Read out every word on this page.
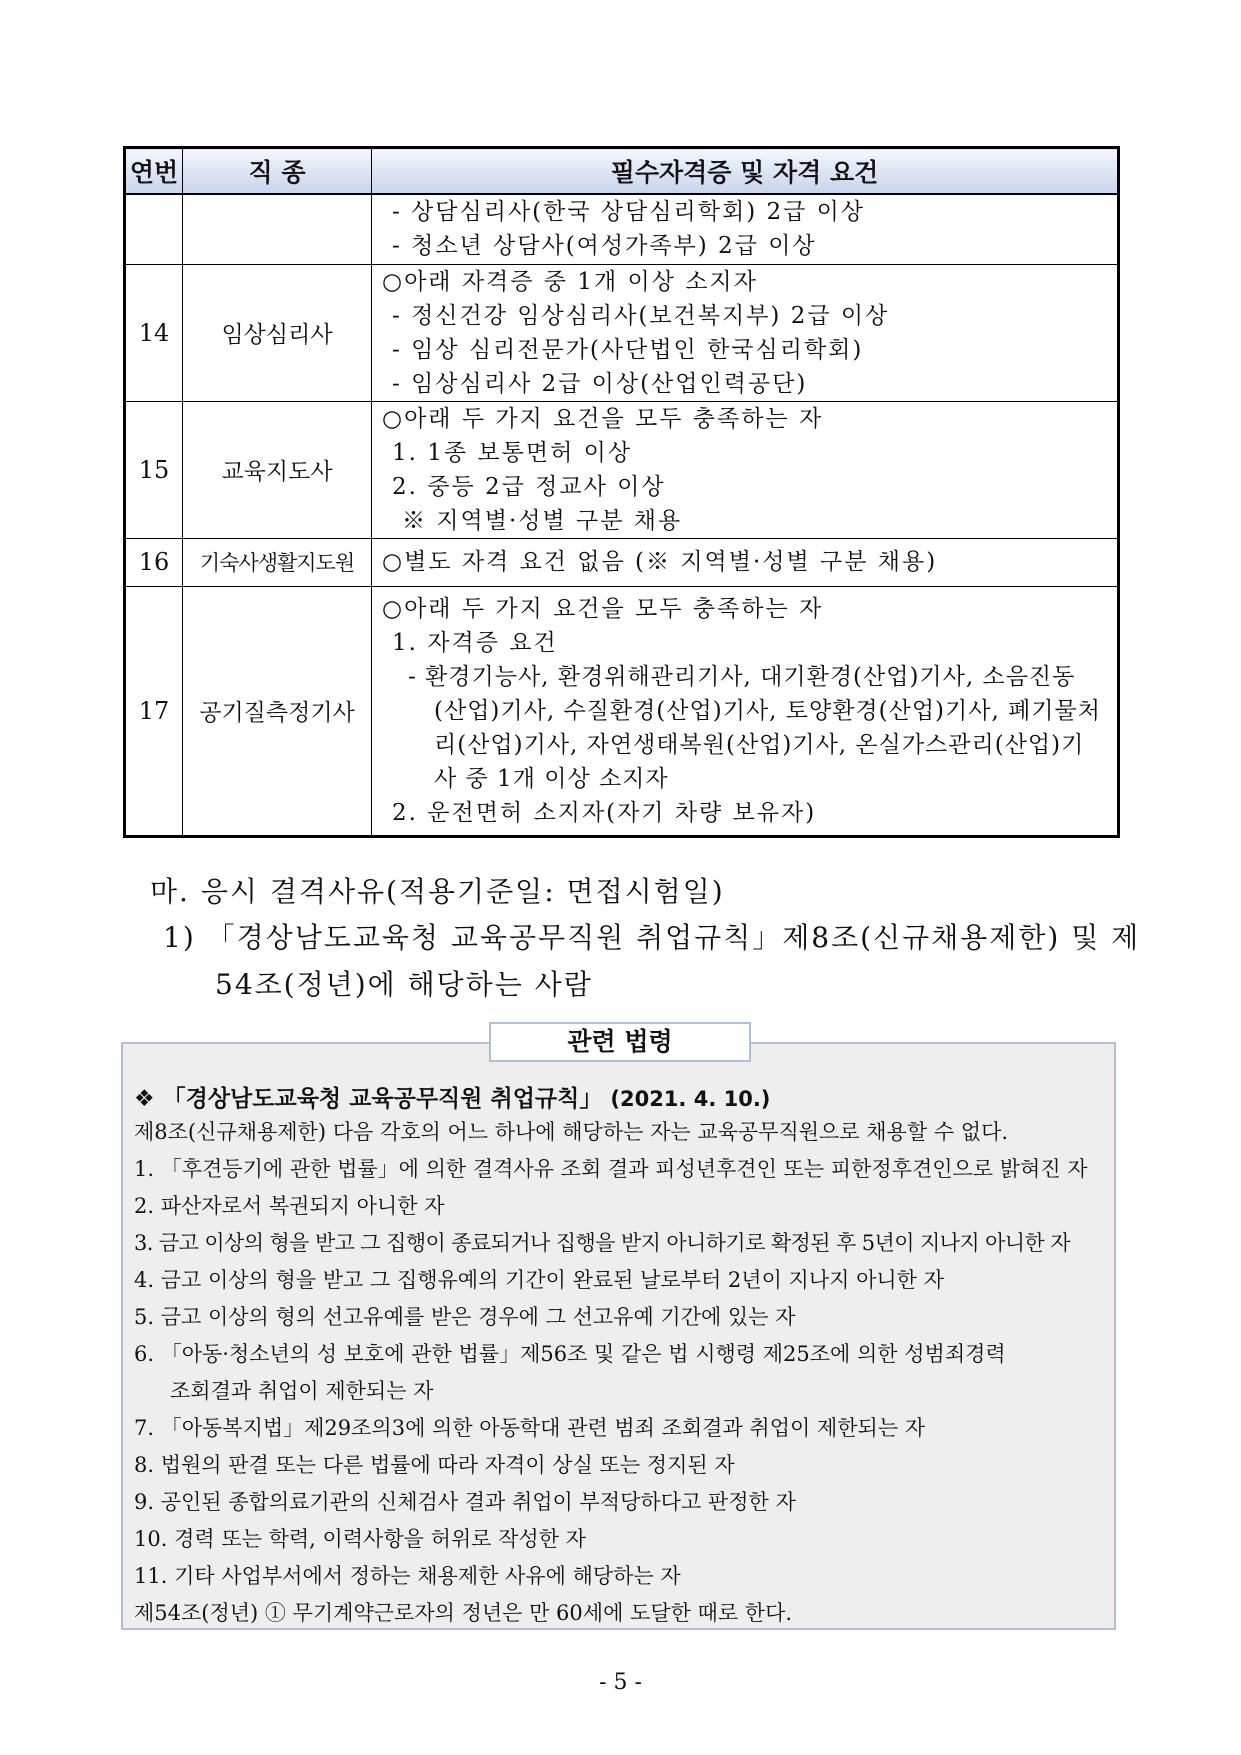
연번	직 종	필수자격증 및 자격 요건

		- 상담심리사(한국 상담심리학회) 2급 이상
- 청소년 상담사(여성가족부) 2급 이상

14	임상심리사	○아래 자격증 중 1개 이상 소지자
- 정신건강 임상심리사(보건복지부) 2급 이상
- 임상 심리전문가(사단법인 한국심리학회)
- 임상심리사 2급 이상(산업인력공단)

15	교육지도사	○아래 두 가지 요건을 모두 충족하는 자
1. 1종 보통면허 이상
2. 중등 2급 정교사 이상
※ 지역별·성별 구분 채용

16	기숙사생활지도원	○별도 자격 요건 없음 (※ 지역별·성별 구분 채용)

17	공기질측정기사	○아래 두 가지 요건을 모두 충족하는 자
1. 자격증 요건
- 환경기능사, 환경위해관리기사, 대기환경(산업)기사, 소음진동(산업)기사, 수질환경(산업)기사, 토양환경(산업)기사, 폐기물처리(산업)기사, 자연생태복원(산업)기사, 온실가스관리(산업)기사 중 1개 이상 소지자
2. 운전면허 소지자(자기 차량 보유자)
마. 응시 결격사유(적용기준일: 면접시험일)
1) 「경상남도교육청 교육공무직원 취업규칙」제8조(신규채용제한) 및 제
54조(정년)에 해당하는 사람
관련 법령
❖ 「경상남도교육청 교육공무직원 취업규칙」 (2021. 4. 10.)
제8조(신규채용제한) 다음 각호의 어느 하나에 해당하는 자는 교육공무직원으로 채용할 수 없다.
1. 「후견등기에 관한 법률」에 의한 결격사유 조회 결과 피성년후견인 또는 피한정후견인으로 밝혀진 자
2. 파산자로서 복권되지 아니한 자
3. 금고 이상의 형을 받고 그 집행이 종료되거나 집행을 받지 아니하기로 확정된 후 5년이 지나지 아니한 자
4. 금고 이상의 형을 받고 그 집행유예의 기간이 완료된 날로부터 2년이 지나지 아니한 자
5. 금고 이상의 형의 선고유예를 받은 경우에 그 선고유예 기간에 있는 자
6. 「아동·청소년의 성 보호에 관한 법률」제56조 및 같은 법 시행령 제25조에 의한 성범죄경력
조회결과 취업이 제한되는 자
7. 「아동복지법」제29조의3에 의한 아동학대 관련 범죄 조회결과 취업이 제한되는 자
8. 법원의 판결 또는 다른 법률에 따라 자격이 상실 또는 정지된 자
9. 공인된 종합의료기관의 신체검사 결과 취업이 부적당하다고 판정한 자
10. 경력 또는 학력, 이력사항을 허위로 작성한 자
11. 기타 사업부서에서 정하는 채용제한 사유에 해당하는 자
제54조(정년) ① 무기계약근로자의 정년은 만 60세에 도달한 때로 한다.
- 5 -
